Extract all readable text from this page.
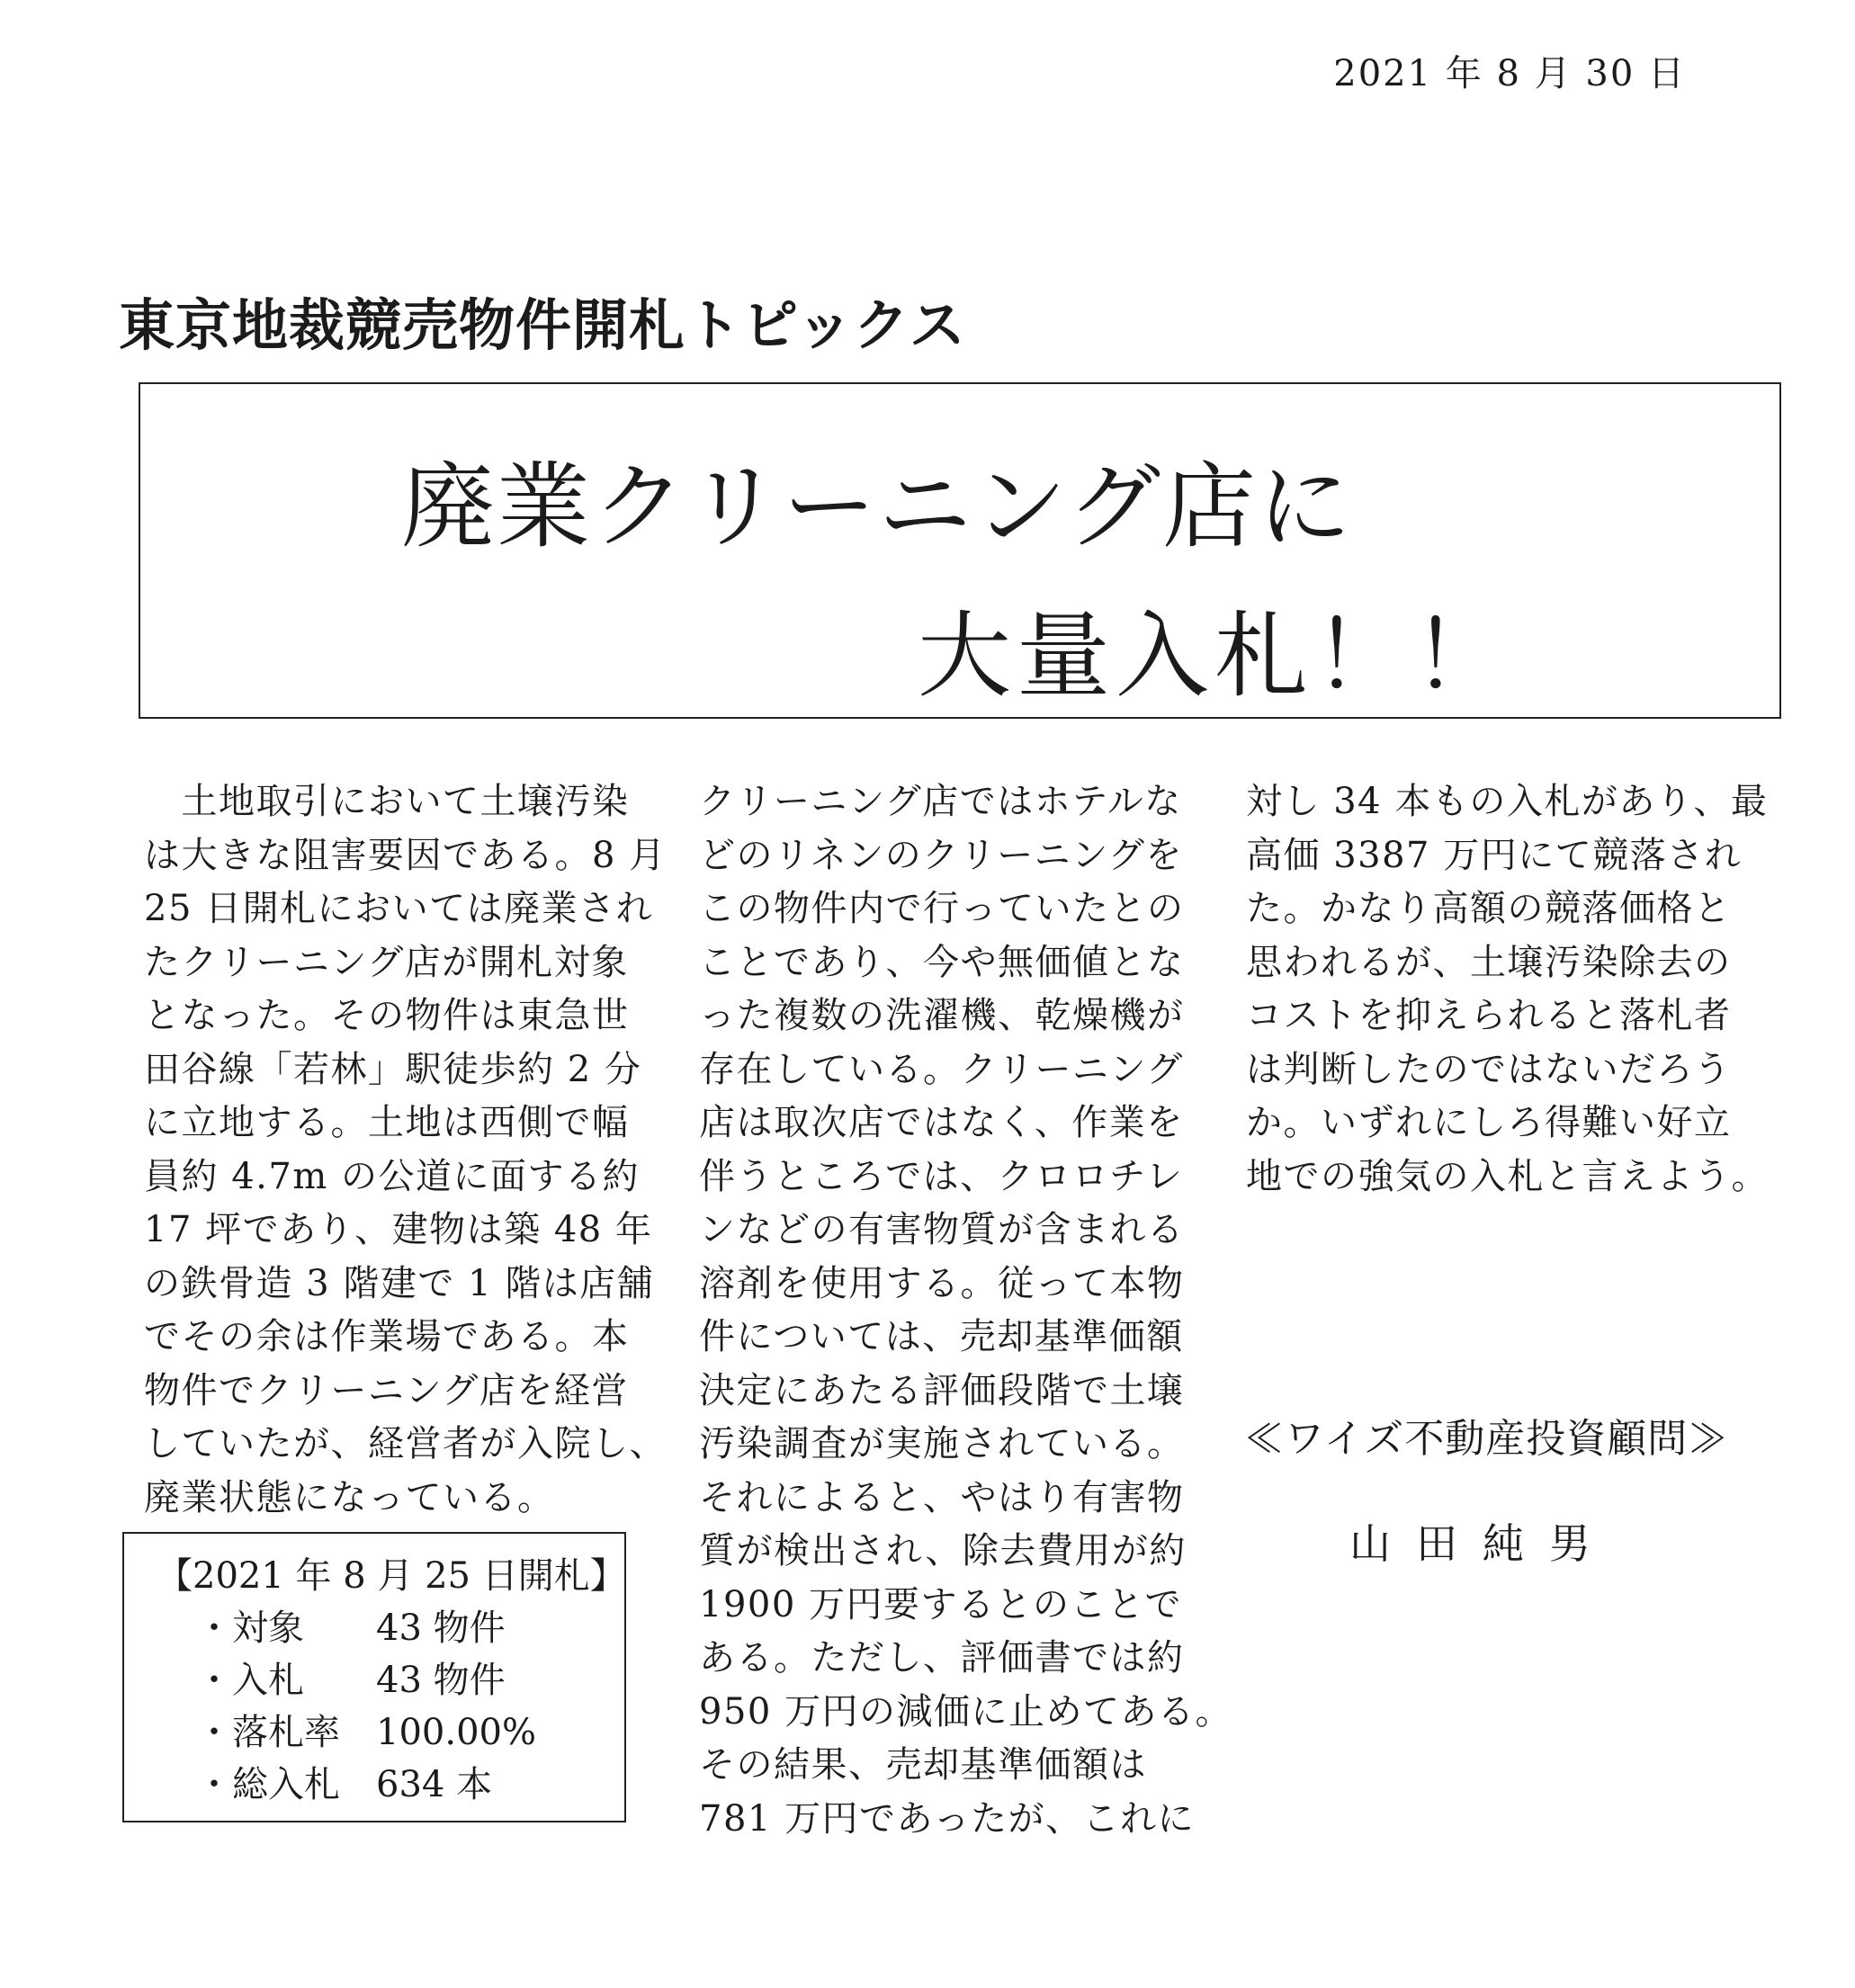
2021 年 8 月 30 日
東京地裁競売物件開札トピックス
廃業クリーニング店に
大量入札！！

　土地取引において土壌汚染

は大きな阻害要因である。8 月

25 日開札においては廃業され

たクリーニング店が開札対象

となった。その物件は東急世

田谷線「若林」駅徒歩約 2 分

に立地する。土地は西側で幅

員約 4.7m の公道に面する約

17 坪であり、建物は築 48 年

の鉄骨造 3 階建で 1 階は店舗

でその余は作業場である。本

物件でクリーニング店を経営

していたが、経営者が入院し、

廃業状態になっている。

クリーニング店ではホテルな

どのリネンのクリーニングを

この物件内で行っていたとの

ことであり、今や無価値とな

った複数の洗濯機、乾燥機が

存在している。クリーニング

店は取次店ではなく、作業を

伴うところでは、クロロチレ

ンなどの有害物質が含まれる

溶剤を使用する。従って本物

件については、売却基準価額

決定にあたる評価段階で土壌

汚染調査が実施されている。

それによると、やはり有害物

質が検出され、除去費用が約

1900 万円要するとのことで

ある。ただし、評価書では約

950 万円の減価に止めてある。

その結果、売却基準価額は

781 万円であったが、これに

対し 34 本もの入札があり、最

高価 3387 万円にて競落され

た。かなり高額の競落価格と

思われるが、土壌汚染除去の

コストを抑えられると落札者

は判断したのではないだろう

か。いずれにしろ得難い好立

地での強気の入札と言えよう。

【2021 年 8 月 25 日開札】
・対象 43 物件
・入札 43 物件
・落札率 100.00%
・総入札 634 本
≪ワイズ不動産投資顧問≫
山田純男
